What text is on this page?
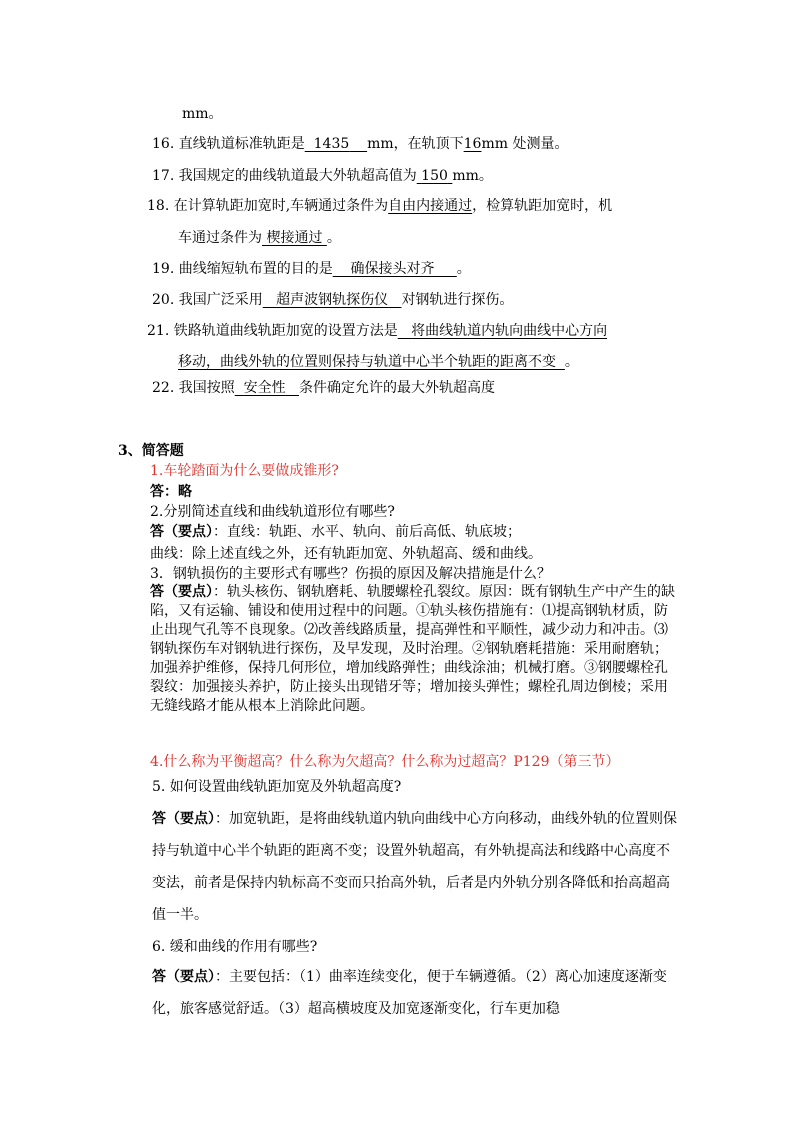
mm。
16. 直线轨道标准轨距是 1435 mm，在轨顶下16mm 处测量。
17. 我国规定的曲线轨道最大外轨超高值为 150 mm。
18. 在计算轨距加宽时,车辆通过条件为自由内接通过，检算轨距加宽时，机
车通过条件为 楔接通过 。
19. 曲线缩短轨布置的目的是 确保接头对齐 。
20. 我国广泛采用 超声波钢轨探伤仪 对钢轨进行探伤。
21. 铁路轨道曲线轨距加宽的设置方法是 将曲线轨道内轨向曲线中心方向
移动，曲线外轨的位置则保持与轨道中心半个轨距的距离不变 。
22. 我国按照 安全性 条件确定允许的最大外轨超高度
3、简答题
1.车轮踏面为什么要做成锥形?
答：略
2.分别简述直线和曲线轨道形位有哪些?
答（要点）：直线：轨距、水平、轨向、前后高低、轨底坡；
曲线：除上述直线之外，还有轨距加宽、外轨超高、缓和曲线。
3．钢轨损伤的主要形式有哪些？伤损的原因及解决措施是什么？
答（要点）：轨头核伤、钢轨磨耗、轨腰螺栓孔裂纹。原因：既有钢轨生产中产生的缺陷，又有运输、铺设和使用过程中的问题。①轨头核伤措施有：⑴提高钢轨材质，防止出现气孔等不良现象。⑵改善线路质量，提高弹性和平顺性，减少动力和冲击。⑶钢轨探伤车对钢轨进行探伤，及早发现，及时治理。②钢轨磨耗措施：采用耐磨轨；加强养护维修，保持几何形位，增加线路弹性；曲线涂油；机械打磨。③钢腰螺栓孔裂纹：加强接头养护，防止接头出现错牙等；增加接头弹性；螺栓孔周边倒棱；采用无缝线路才能从根本上消除此问题。
4.什么称为平衡超高？什么称为欠超高？什么称为过超高？P129（第三节）
5. 如何设置曲线轨距加宽及外轨超高度?
答（要点）：加宽轨距，是将曲线轨道内轨向曲线中心方向移动，曲线外轨的位置则保持与轨道中心半个轨距的距离不变；设置外轨超高，有外轨提高法和线路中心高度不变法，前者是保持内轨标高不变而只抬高外轨，后者是内外轨分别各降低和抬高超高值一半。
6. 缓和曲线的作用有哪些?
答（要点）：主要包括：（1）曲率连续变化，便于车辆遵循。（2）离心加速度逐渐变化，旅客感觉舒适。（3）超高横坡度及加宽逐渐变化，行车更加稳
